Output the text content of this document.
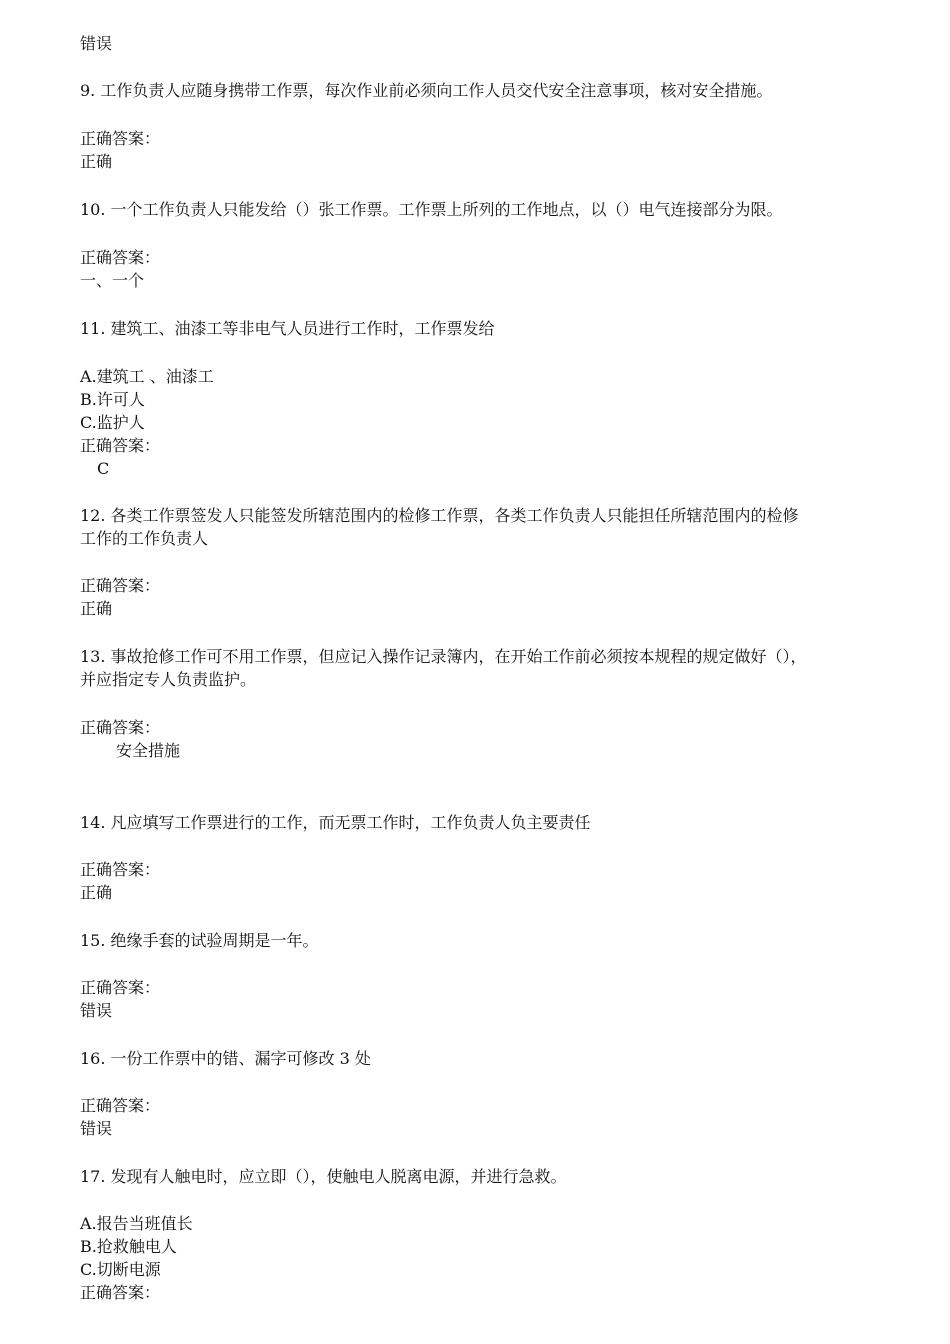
错误
9. 工作负责人应随身携带工作票，每次作业前必须向工作人员交代安全注意事项，核对安全措施。
正确答案：
正确
10. 一个工作负责人只能发给（）张工作票。工作票上所列的工作地点，以（）电气连接部分为限。
正确答案：
一、一个
11. 建筑工、油漆工等非电气人员进行工作时，工作票发给
A.建筑工 、油漆工
B.许可人
C.监护人
正确答案：
C
12. 各类工作票签发人只能签发所辖范围内的检修工作票，各类工作负责人只能担任所辖范围内的检修
工作的工作负责人
正确答案：
正确
13. 事故抢修工作可不用工作票，但应记入操作记录簿内，在开始工作前必须按本规程的规定做好（），
并应指定专人负责监护。
正确答案：
安全措施
14. 凡应填写工作票进行的工作，而无票工作时，工作负责人负主要责任
正确答案：
正确
15. 绝缘手套的试验周期是一年。
正确答案：
错误
16. 一份工作票中的错、漏字可修改 3 处
正确答案：
错误
17. 发现有人触电时，应立即（），使触电人脱离电源，并进行急救。
A.报告当班值长
B.抢救触电人
C.切断电源
正确答案：
